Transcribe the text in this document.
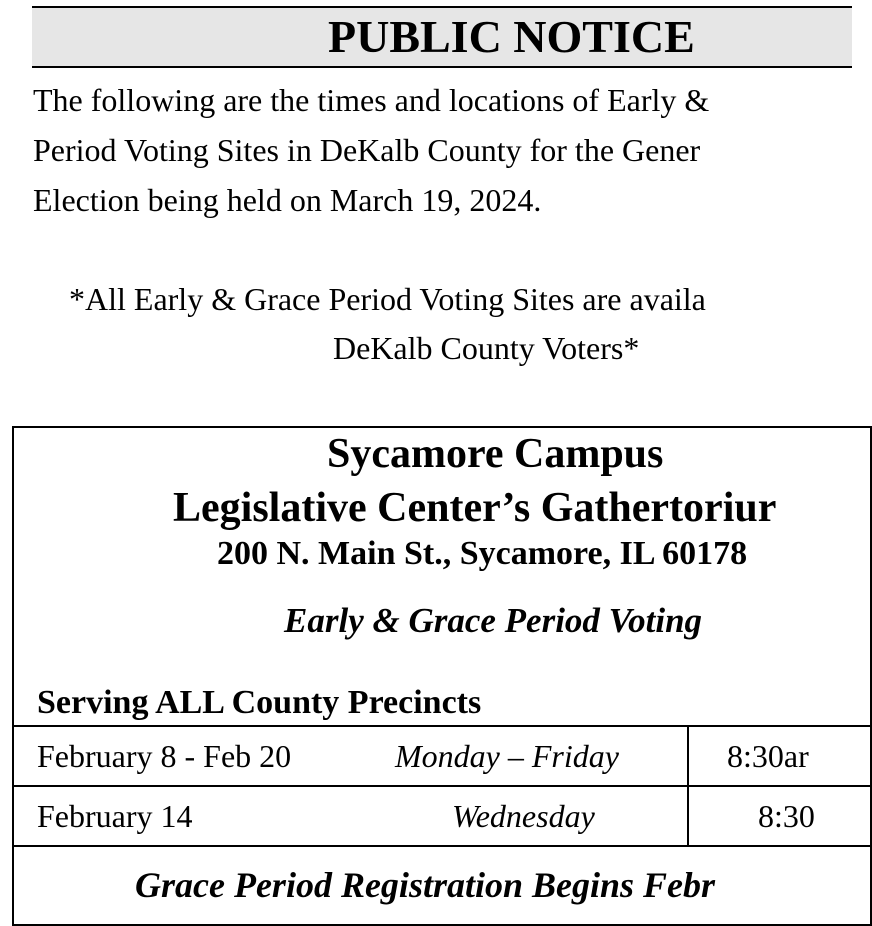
PUBLIC NOTICE
The following are the times and locations of Early &
Period Voting Sites in DeKalb County for the Gener
Election being held on March 19, 2024.
*All Early & Grace Period Voting Sites are availa
DeKalb County Voters*
Sycamore Campus
Legislative Center’s Gathertoriur
200 N. Main St., Sycamore, IL 60178
Early & Grace Period Voting
Serving ALL County Precincts
February 8 - Feb 20	Monday – Friday	8:30ar
February 14	Wednesday	8:30
Grace Period Registration Begins Febr
